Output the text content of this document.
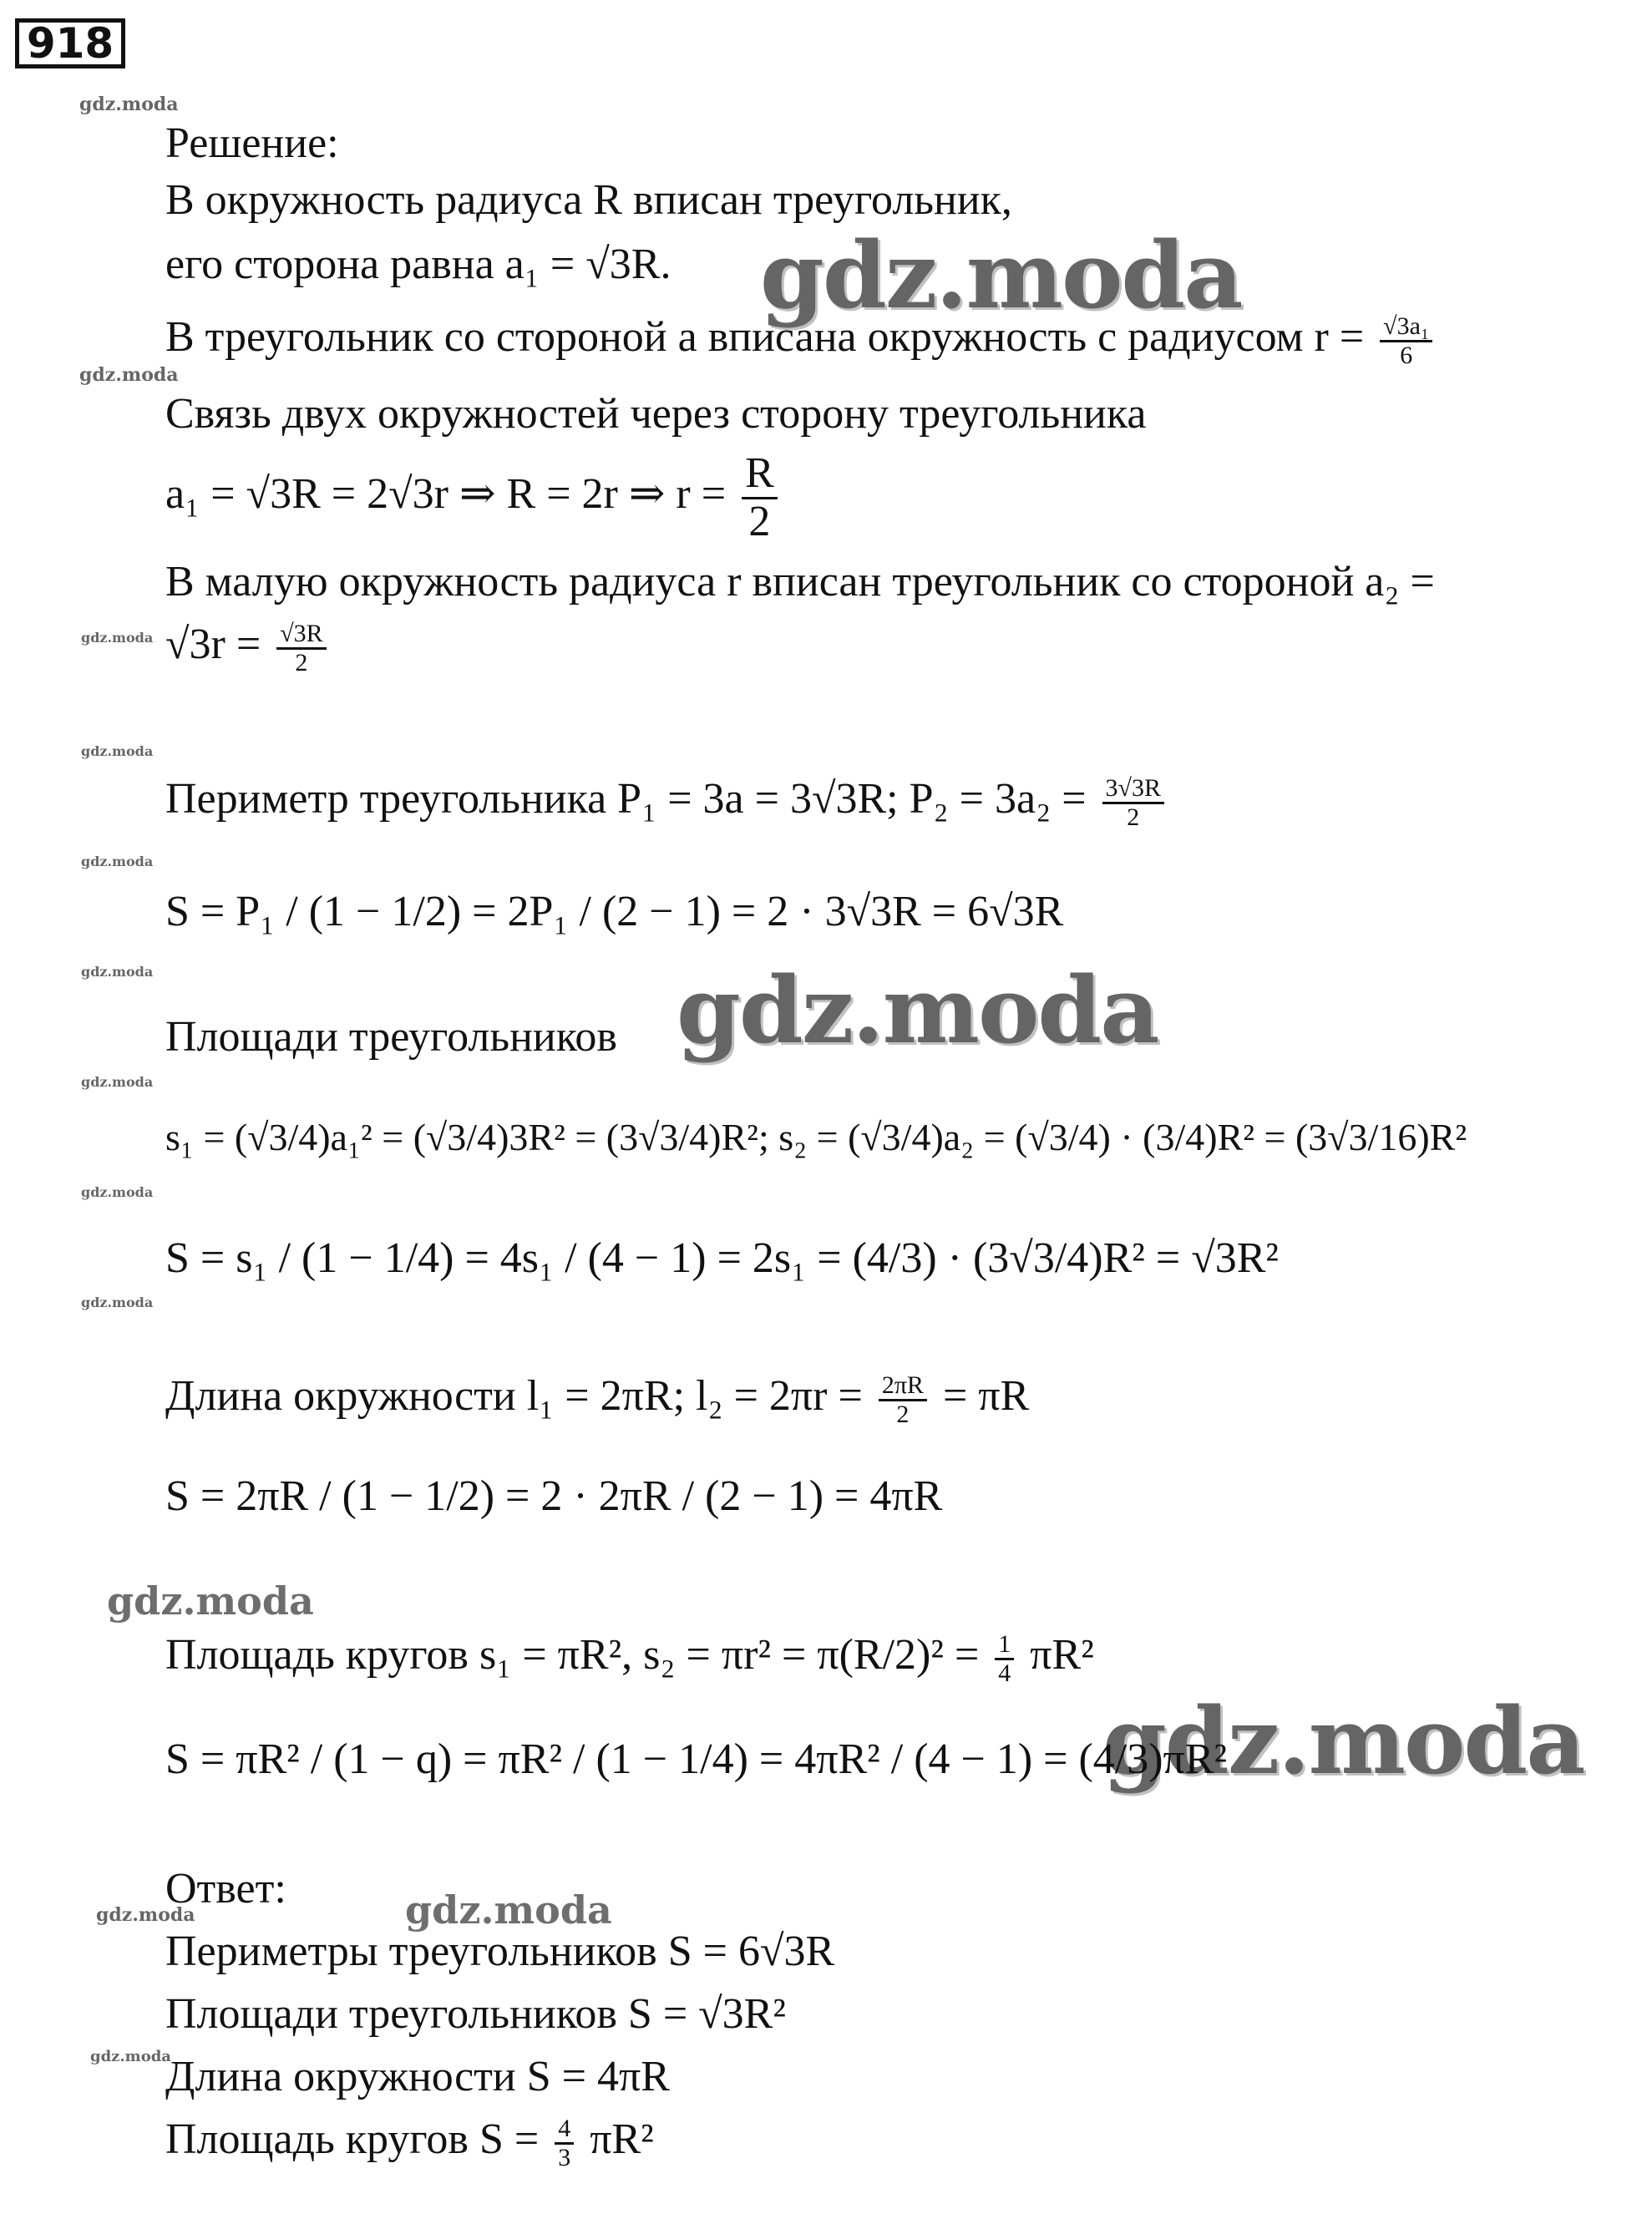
918
gdz.moda
gdz.moda
gdz.moda
gdz.moda
gdz.moda
gdz.moda
gdz.moda
gdz.moda
gdz.moda
gdz.moda
gdz.moda
gdz.moda
gdz.moda
gdz.moda
gdz.moda
gdz.moda
Решение:
В окружность радиуса R вписан треугольник,
его сторона равна a₁ = √3R.
В треугольник со стороной a вписана окружность с радиусом $r = \frac{\text{√3a₁}}{6}$
Связь двух окружностей через сторону треугольника
a₁ = √3R = 2√3r ⇒ R = 2r ⇒ $r = \frac{R}{2}$
В малую окружность радиуса r вписан треугольник со стороной a₂ =
$√3r = \frac{√3R}{2}$
Периметр треугольника P₁ = 3a = 3√3R; $P_2 = 3a_2 = \frac{3√3R}{2}$
S = P₁ / (1 − 1/2) = 2P₁ / (2 − 1) = 2 · 3√3R = 6√3R
Площади треугольников
s₁ = (√3/4)a₁² = (√3/4)3R² = (3√3/4)R²; s₂ = (√3/4)a₂ = (√3/4) · (3/4)R² = (3√3/16)R²
S = s₁ / (1 − 1/4) = 4s₁ / (4 − 1) = 2s₁ = (4/3) · (3√3/4)R² = √3R²
Длина окружности l₁ = 2πR; $l_2 = 2\pi r = \frac{2\pi R}{2} = \pi R$
S = 2πR / (1 − 1/2) = 2 · 2πR / (2 − 1) = 4πR
Площадь кругов s₁ = πR², $s_2 = \pi r^2 = \pi(R/2)^2 = \frac{1}{4} \pi R^2$
S = πR² / (1 − q) = πR² / (1 − 1/4) = 4πR² / (4 − 1) = (4/3)πR²
Ответ:
Периметры треугольников S = 6√3R
Площади треугольников S = √3R²
Длина окружности S = 4πR
Площадь кругов $S = \frac{4}{3} \pi R^2$
